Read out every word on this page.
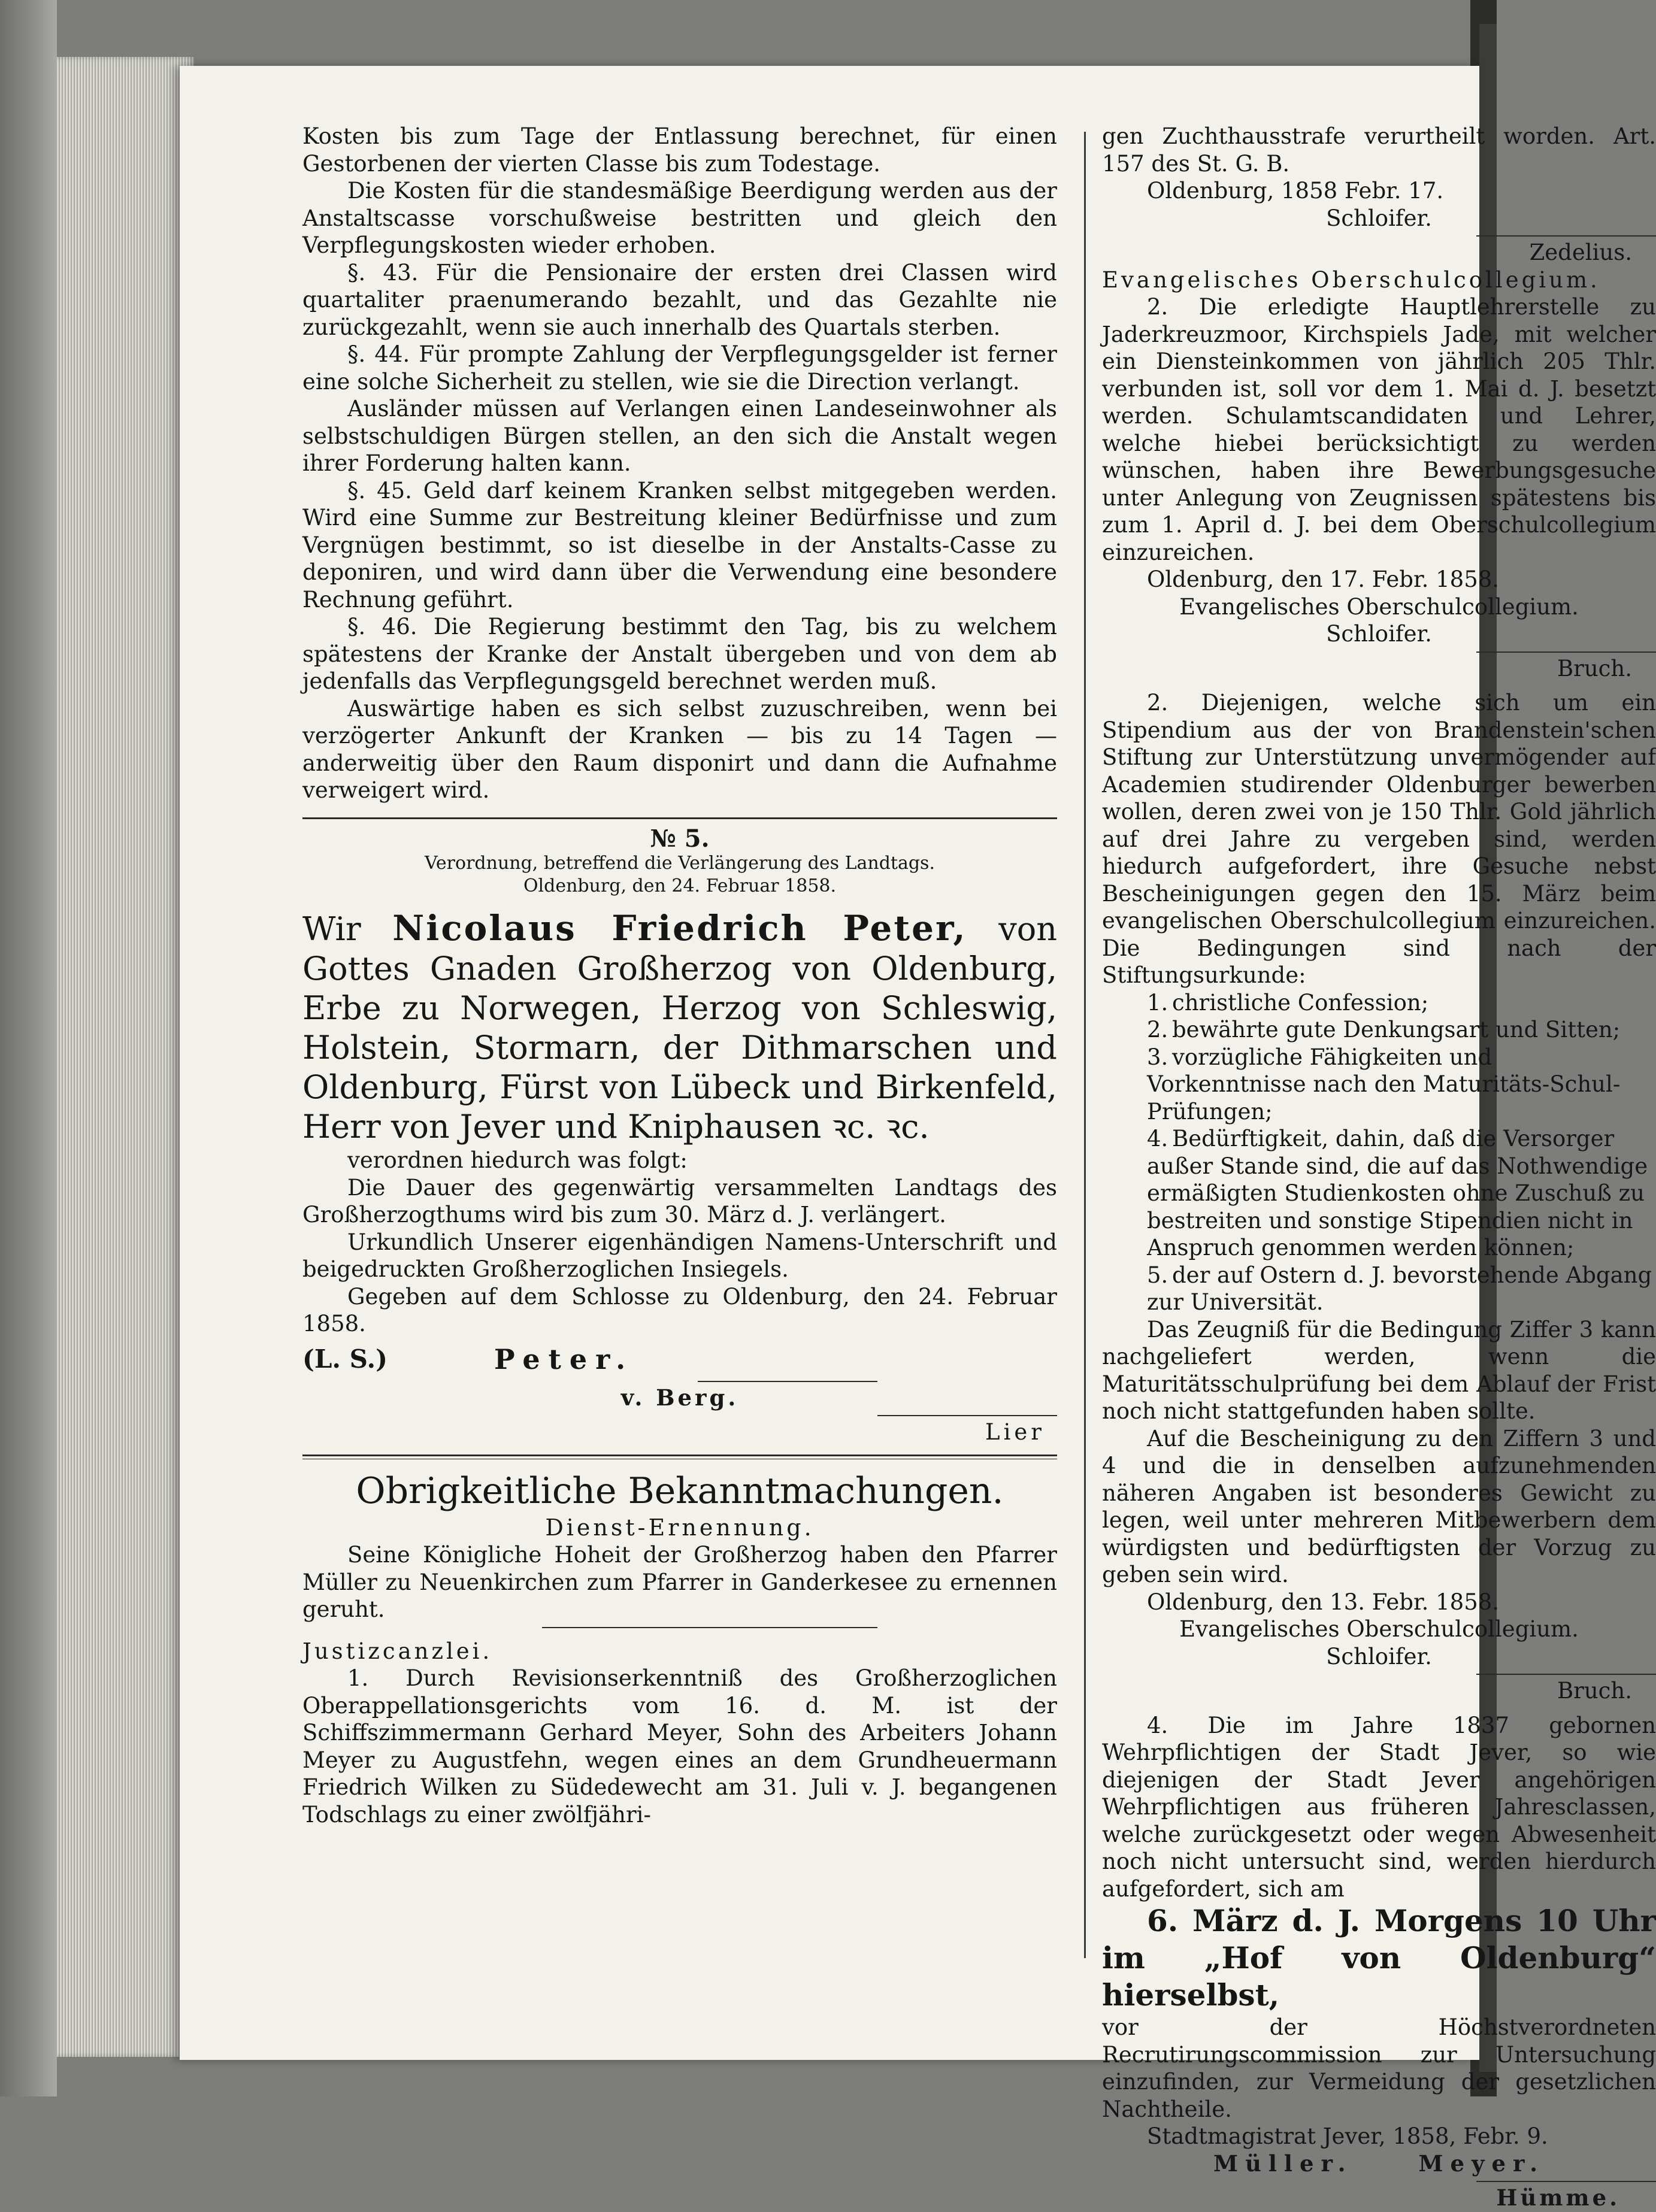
Kosten bis zum Tage der Entlassung berechnet, für einen Gestorbenen der vierten Classe bis zum Todestage.

Die Kosten für die standesmäßige Beerdigung werden aus der Anstaltscasse vorschußweise bestritten und gleich den Verpflegungskosten wieder erhoben.

§. 43. Für die Pensionaire der ersten drei Classen wird quartaliter praenumerando bezahlt, und das Gezahlte nie zurückgezahlt, wenn sie auch innerhalb des Quartals sterben.

§. 44. Für prompte Zahlung der Verpflegungsgelder ist ferner eine solche Sicherheit zu stellen, wie sie die Direction verlangt.

Ausländer müssen auf Verlangen einen Landeseinwohner als selbstschuldigen Bürgen stellen, an den sich die Anstalt wegen ihrer Forderung halten kann.

§. 45. Geld darf keinem Kranken selbst mitgegeben werden. Wird eine Summe zur Bestreitung kleiner Bedürfnisse und zum Vergnügen bestimmt, so ist dieselbe in der Anstalts-Casse zu deponiren, und wird dann über die Verwendung eine besondere Rechnung geführt.

§. 46. Die Regierung bestimmt den Tag, bis zu welchem spätestens der Kranke der Anstalt übergeben und von dem ab jedenfalls das Verpflegungsgeld berechnet werden muß.

Auswärtige haben es sich selbst zuzuschreiben, wenn bei verzögerter Ankunft der Kranken — bis zu 14 Tagen — anderweitig über den Raum disponirt und dann die Aufnahme verweigert wird.

№ 5.
Verordnung, betreffend die Verlängerung des Landtags.
Oldenburg, den 24. Februar 1858.

Wir Nicolaus Friedrich Peter, von Gottes Gnaden Großherzog von Oldenburg, Erbe zu Norwegen, Herzog von Schleswig, Holstein, Stormarn, der Dithmarschen und Oldenburg, Fürst von Lübeck und Birkenfeld, Herr von Jever und Kniphausen ꝛc. ꝛc.

verordnen hiedurch was folgt:

Die Dauer des gegenwärtig versammelten Landtags des Großherzogthums wird bis zum 30. März d. J. verlängert.

Urkundlich Unserer eigenhändigen Namens-Unterschrift und beigedruckten Großherzoglichen Insiegels.

Gegeben auf dem Schlosse zu Oldenburg, den 24. Februar 1858.

(L. S.)	Peter.
v. Berg.
Lier
Obrigkeitliche Bekanntmachungen.
Dienst-Ernennung.

Seine Königliche Hoheit der Großherzog haben den Pfarrer Müller zu Neuenkirchen zum Pfarrer in Ganderkesee zu ernennen geruht.

Justizcanzlei.

1. Durch Revisionserkenntniß des Großherzoglichen Oberappellationsgerichts vom 16. d. M. ist der Schiffszimmermann Gerhard Meyer, Sohn des Arbeiters Johann Meyer zu Augustfehn, wegen eines an dem Grundheuermann Friedrich Wilken zu Südedewecht am 31. Juli v. J. begangenen Todschlags zu einer zwölfjähri-

gen Zuchthausstrafe verurtheilt worden. Art. 157 des St. G. B.

Oldenburg, 1858 Febr. 17.

Schloifer.
Zedelius.
Evangelisches Oberschulcollegium.

2. Die erledigte Hauptlehrerstelle zu Jaderkreuzmoor, Kirchspiels Jade, mit welcher ein Diensteinkommen von jährlich 205 Thlr. verbunden ist, soll vor dem 1. Mai d. J. besetzt werden. Schulamtscandidaten und Lehrer, welche hiebei berücksichtigt zu werden wünschen, haben ihre Bewerbungsgesuche unter Anlegung von Zeugnissen spätestens bis zum 1. April d. J. bei dem Oberschulcollegium einzureichen.

Oldenburg, den 17. Febr. 1858.

Evangelisches Oberschulcollegium.
Schloifer.
Bruch.

2. Diejenigen, welche sich um ein Stipendium aus der von Brandenstein'schen Stiftung zur Unterstützung unvermögender auf Academien studirender Oldenburger bewerben wollen, deren zwei von je 150 Thlr. Gold jährlich auf drei Jahre zu vergeben sind, werden hiedurch aufgefordert, ihre Gesuche nebst Bescheinigungen gegen den 15. März beim evangelischen Oberschulcollegium einzureichen. Die Bedingungen sind nach der Stiftungsurkunde:

1. christliche Confession;
2. bewährte gute Denkungsart und Sitten;
3. vorzügliche Fähigkeiten und Vorkenntnisse nach den Maturitäts-Schul-Prüfungen;
4. Bedürftigkeit, dahin, daß die Versorger außer Stande sind, die auf das Nothwendige ermäßigten Studienkosten ohne Zuschuß zu bestreiten und sonstige Stipendien nicht in Anspruch genommen werden können;
5. der auf Ostern d. J. bevorstehende Abgang zur Universität.

Das Zeugniß für die Bedingung Ziffer 3 kann nachgeliefert werden, wenn die Maturitätsschulprüfung bei dem Ablauf der Frist noch nicht stattgefunden haben sollte.

Auf die Bescheinigung zu den Ziffern 3 und 4 und die in denselben aufzunehmenden näheren Angaben ist besonderes Gewicht zu legen, weil unter mehreren Mitbewerbern dem würdigsten und bedürftigsten der Vorzug zu geben sein wird.

Oldenburg, den 13. Febr. 1858.

Evangelisches Oberschulcollegium.
Schloifer.
Bruch.

4. Die im Jahre 1837 gebornen Wehrpflichtigen der Stadt Jever, so wie diejenigen der Stadt Jever angehörigen Wehrpflichtigen aus früheren Jahresclassen, welche zurückgesetzt oder wegen Abwesenheit noch nicht untersucht sind, werden hierdurch aufgefordert, sich am

6. März d. J. Morgens 10 Uhr im „Hof von Oldenburg“ hierselbst,

vor der Höchstverordneten Recrutirungscommission zur Untersuchung einzufinden, zur Vermeidung der gesetzlichen Nachtheile.

Stadtmagistrat Jever, 1858, Febr. 9.

Müller.	Meyer.
Hümme.
